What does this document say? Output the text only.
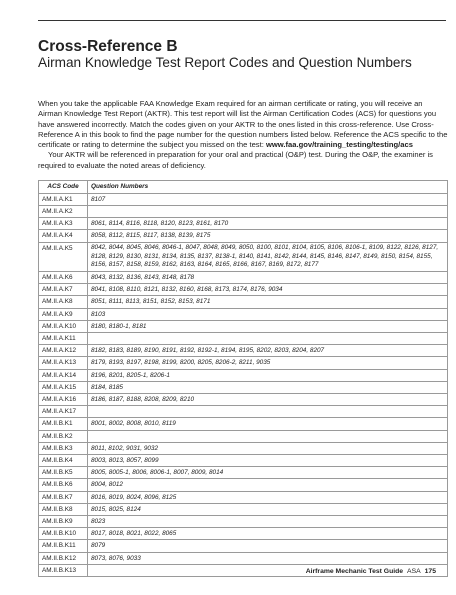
Cross-Reference B
Airman Knowledge Test Report Codes and Question Numbers

When you take the applicable FAA Knowledge Exam required for an airman certificate or rating, you will receive an Airman Knowledge Test Report (AKTR). This test report will list the Airman Certification Codes (ACS) for questions you have answered incorrectly. Match the codes given on your AKTR to the ones listed in this cross-reference. Use Cross-Reference A in this book to find the page number for the question numbers listed below. Reference the ACS specific to the certificate or rating to determine the subject you missed on the test: www.faa.gov/training_testing/testing/acs

Your AKTR will be referenced in preparation for your oral and practical (O&P) test. During the O&P, the examiner is required to evaluate the noted areas of deficiency.

ACS Code	Question Numbers
AM.II.A.K1	8107
AM.II.A.K2	
AM.II.A.K3	8061, 8114, 8116, 8118, 8120, 8123, 8161, 8170
AM.II.A.K4	8058, 8112, 8115, 8117, 8138, 8139, 8175
AM.II.A.K5	8042, 8044, 8045, 8046, 8046-1, 8047, 8048, 8049, 8050, 8100, 8101, 8104, 8105, 8106, 8106-1, 8109, 8122, 8126, 8127, 8128, 8129, 8130, 8131, 8134, 8135, 8137, 8138-1, 8140, 8141, 8142, 8144, 8145, 8146, 8147, 8149, 8150, 8154, 8155, 8156, 8157, 8158, 8159, 8162, 8163, 8164, 8165, 8166, 8167, 8169, 8172, 8177
AM.II.A.K6	8043, 8132, 8136, 8143, 8148, 8178
AM.II.A.K7	8041, 8108, 8110, 8121, 8132, 8160, 8168, 8173, 8174, 8176, 9034
AM.II.A.K8	8051, 8111, 8113, 8151, 8152, 8153, 8171
AM.II.A.K9	8103
AM.II.A.K10	8180, 8180-1, 8181
AM.II.A.K11	
AM.II.A.K12	8182, 8183, 8189, 8190, 8191, 8192, 8192-1, 8194, 8195, 8202, 8203, 8204, 8207
AM.II.A.K13	8179, 8193, 8197, 8198, 8199, 8200, 8205, 8206-2, 8211, 9035
AM.II.A.K14	8196, 8201, 8205-1, 8206-1
AM.II.A.K15	8184, 8185
AM.II.A.K16	8186, 8187, 8188, 8208, 8209, 8210
AM.II.A.K17	
AM.II.B.K1	8001, 8002, 8008, 8010, 8119
AM.II.B.K2	
AM.II.B.K3	8011, 8102, 9031, 9032
AM.II.B.K4	8003, 8013, 8057, 8099
AM.II.B.K5	8005, 8005-1, 8006, 8006-1, 8007, 8009, 8014
AM.II.B.K6	8004, 8012
AM.II.B.K7	8016, 8019, 8024, 8096, 8125
AM.II.B.K8	8015, 8025, 8124
AM.II.B.K9	8023
AM.II.B.K10	8017, 8018, 8021, 8022, 8065
AM.II.B.K11	8079
AM.II.B.K12	8073, 8076, 9033
AM.II.B.K13		Airframe Mechanic Test Guide ASA 175
